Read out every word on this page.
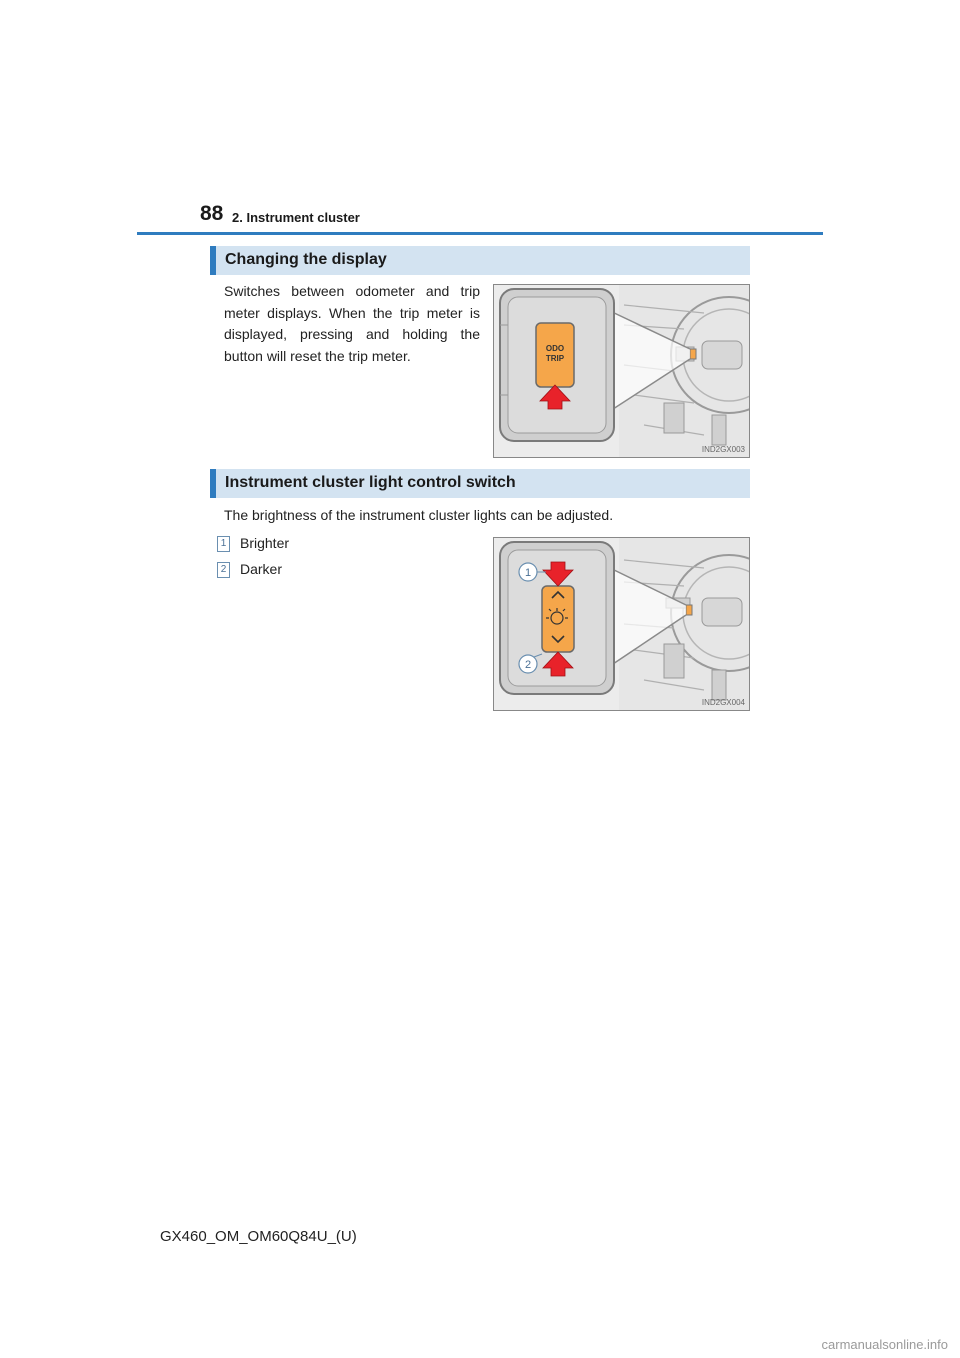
88 2. Instrument cluster
Changing the display
Switches between odometer and trip meter displays. When the trip meter is displayed, pressing and holding the button will reset the trip meter.	ODO
TRIP
IND2GX003
Instrument cluster light control switch
The brightness of the instrument cluster lights can be adjusted.
1 Brighter
2 Darker	1
2
IND2GX004
GX460_OM_OM60Q84U_(U)
carmanualsonline.info
